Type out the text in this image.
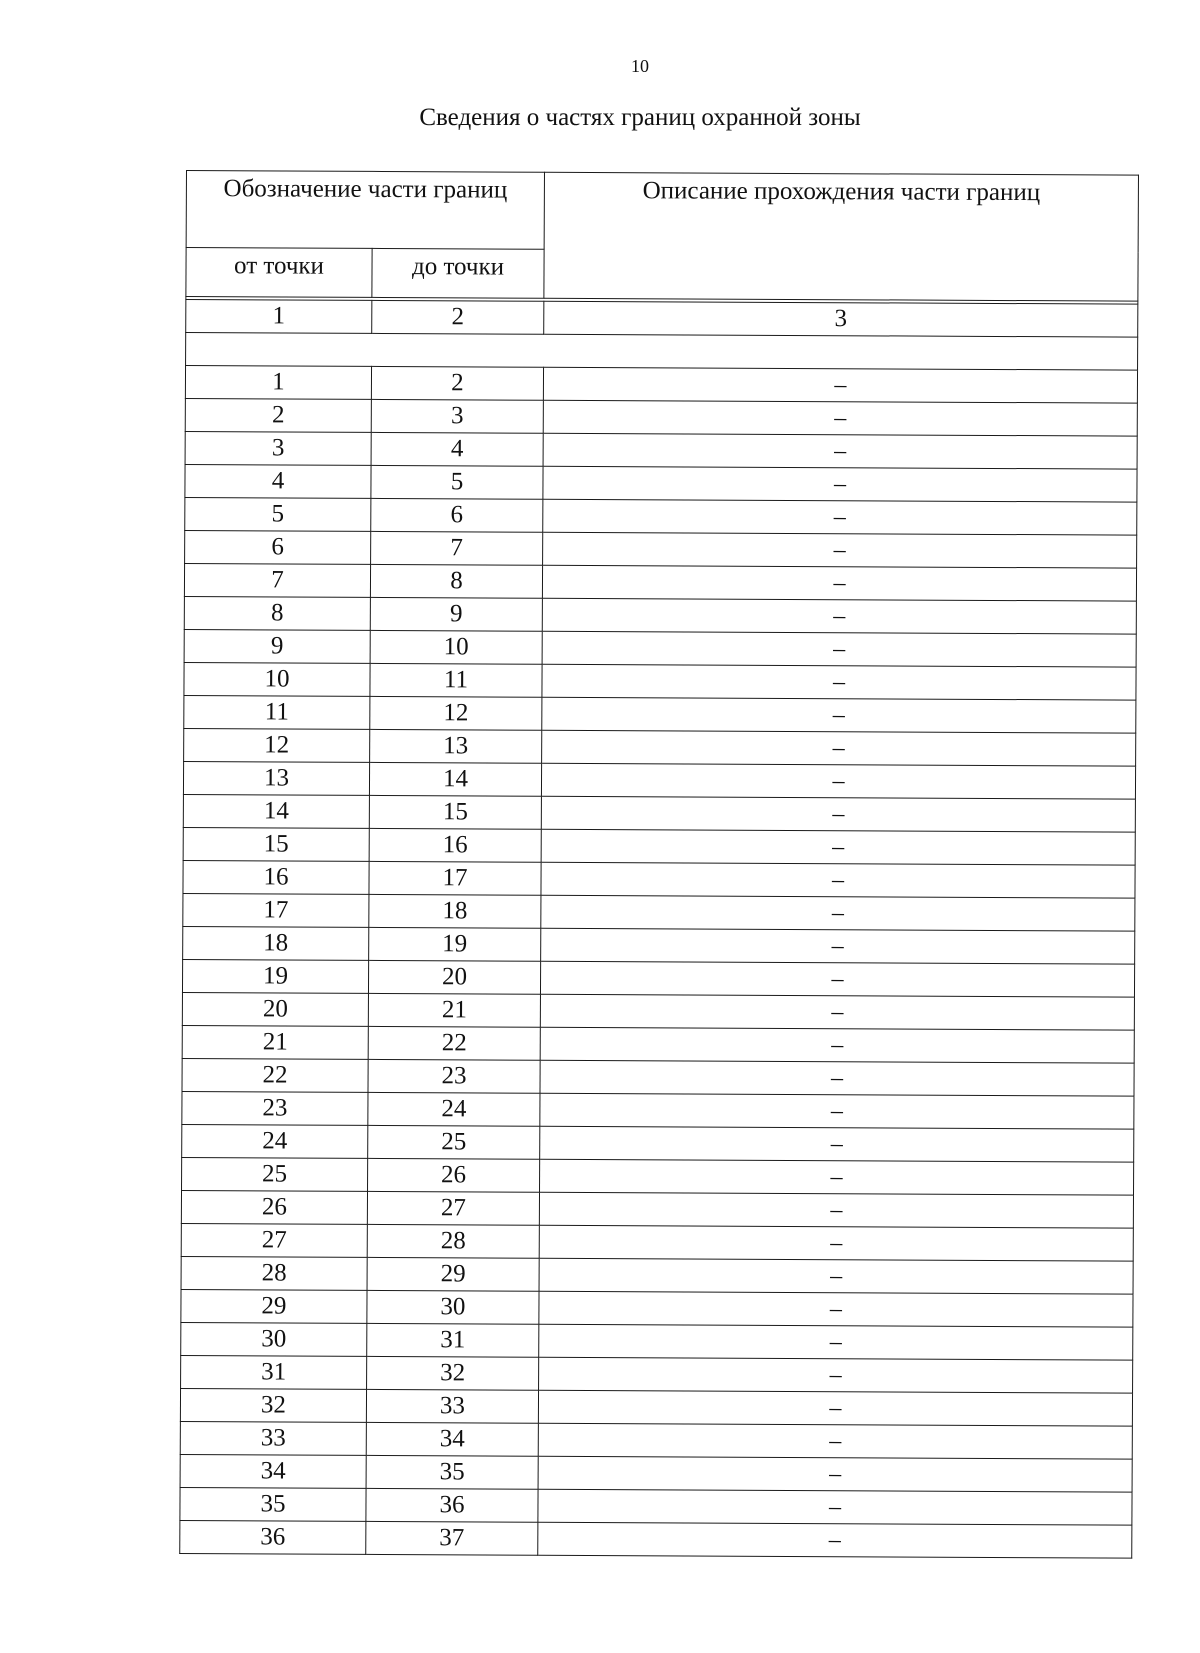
10
Сведения о частях границ охранной зоны
Обозначение части границ		Описание прохождения части границ
от точки	до точки	

1	2	3

1	2	–
2	3	–
3	4	–
4	5	–
5	6	–
6	7	–
7	8	–
8	9	–
9	10	–
10	11	–
11	12	–
12	13	–
13	14	–
14	15	–
15	16	–
16	17	–
17	18	–
18	19	–
19	20	–
20	21	–
21	22	–
22	23	–
23	24	–
24	25	–
25	26	–
26	27	–
27	28	–
28	29	–
29	30	–
30	31	–
31	32	–
32	33	–
33	34	–
34	35	–
35	36	–
36	37	–
